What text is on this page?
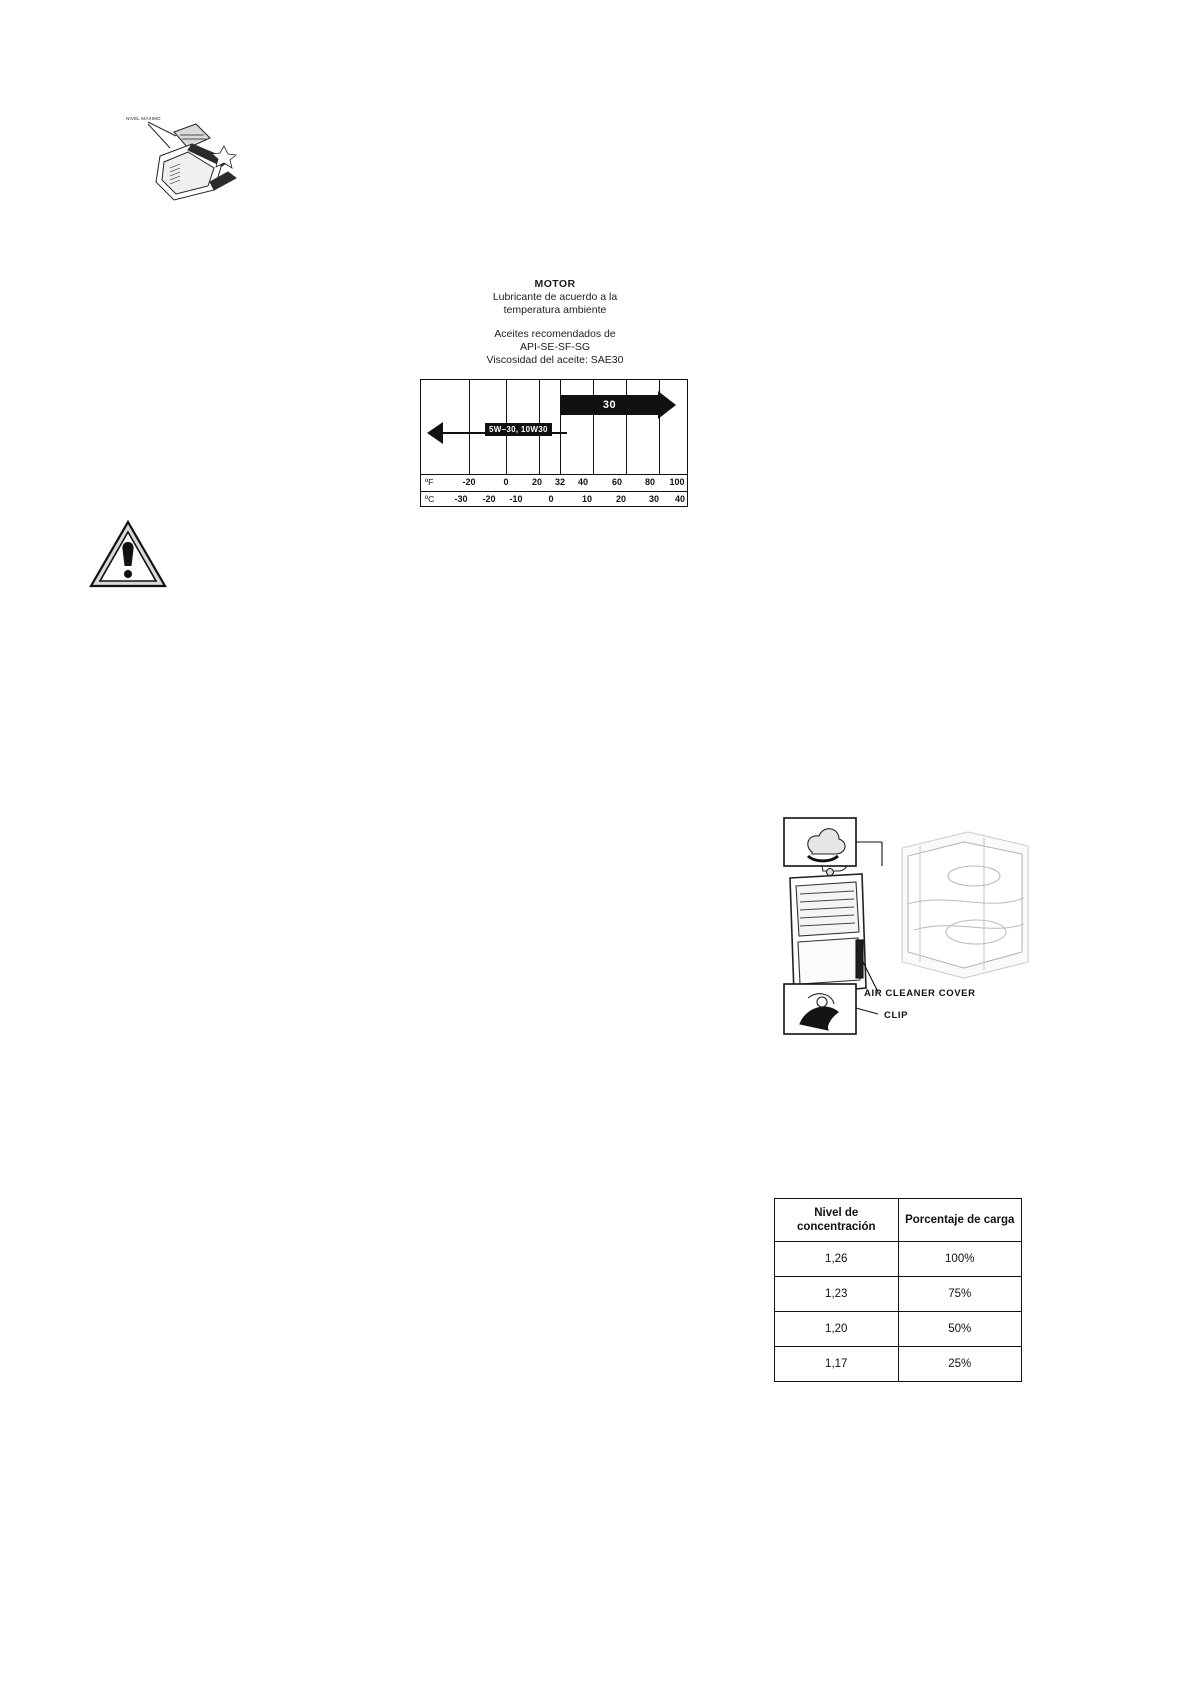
NIVEL MÁXIMO
MOTOR
Lubricante de acuerdo a la
temperatura ambiente
Aceites recomendados de
API-SE-SF-SG
Viscosidad del aceite: SAE30
30
5W–30, 10W30
ºF	-20	0	20 32 40	60	80 100
ºC -30 -20 -10	0	10	20	30 40
AIR CLEANER COVER
CLIP
Nivel de concentración	Porcentaje de carga
1,26	100%
1,23	75%
1,20	50%
1,17	25%
